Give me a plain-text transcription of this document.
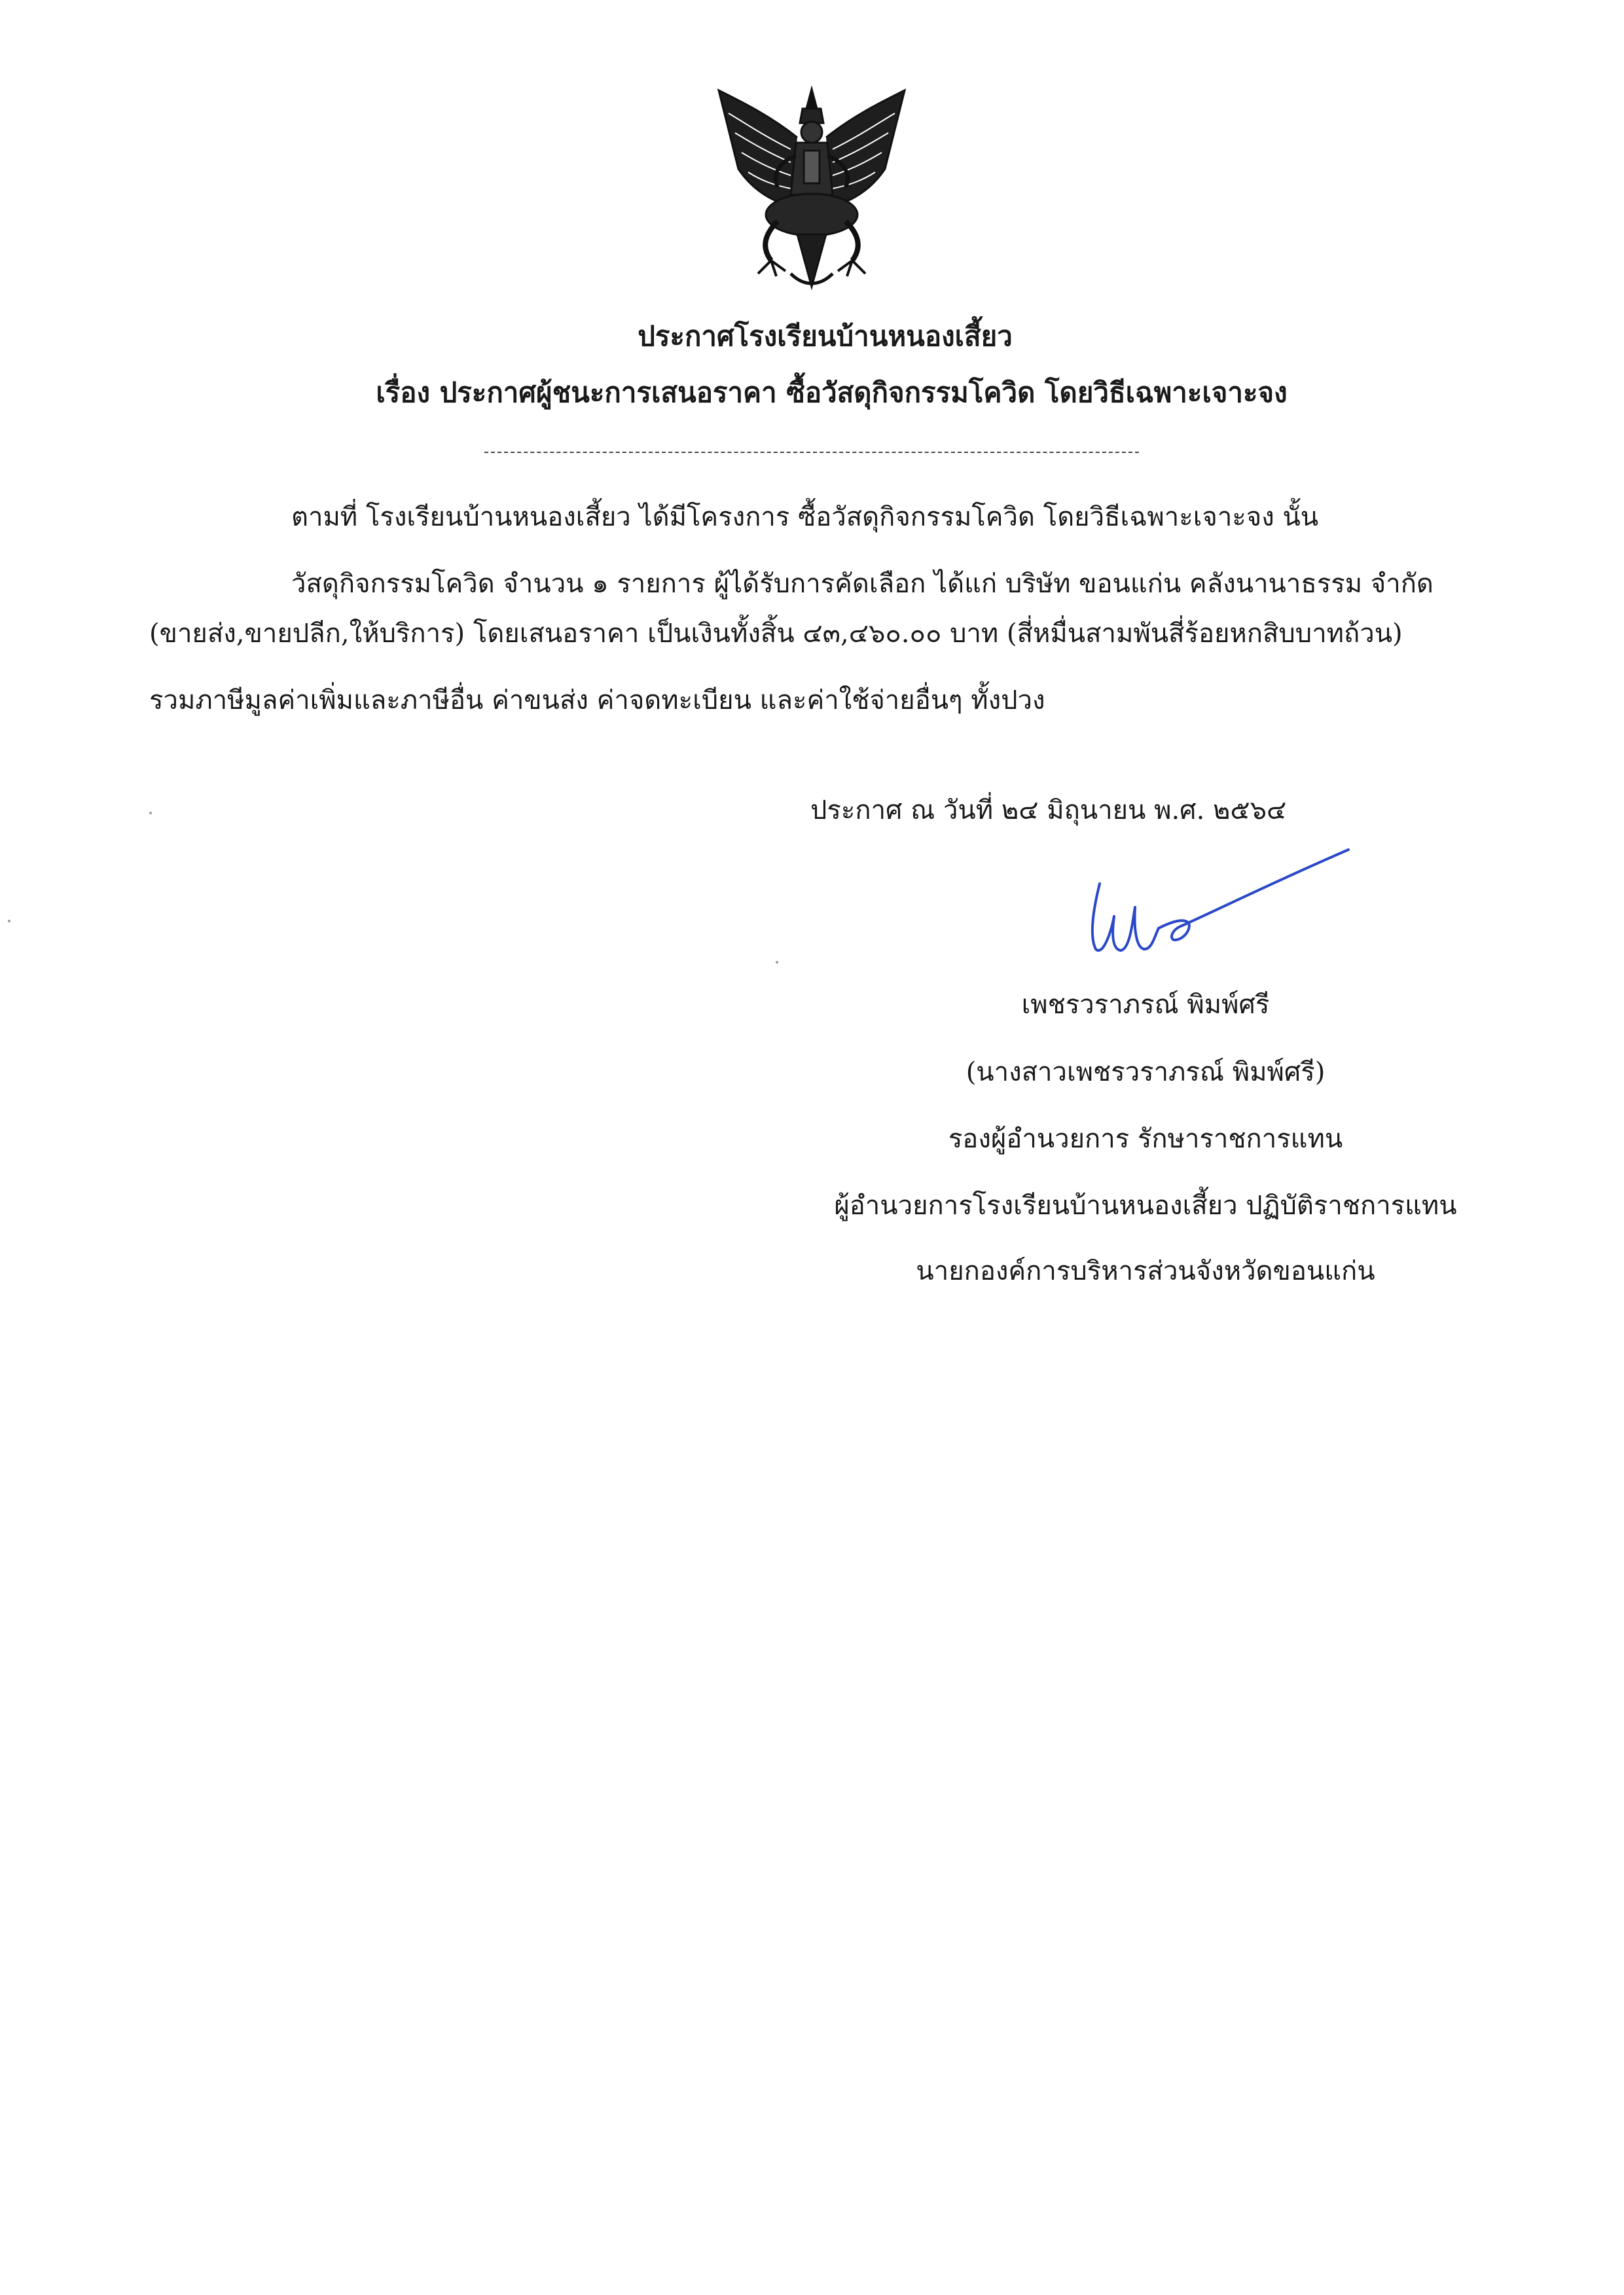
ประกาศโรงเรียนบ้านหนองเสี้ยว
เรื่อง ประกาศผู้ชนะการเสนอราคา ซื้อวัสดุกิจกรรมโควิด โดยวิธีเฉพาะเจาะจง
ตามที่ โรงเรียนบ้านหนองเสี้ยว ได้มีโครงการ ซื้อวัสดุกิจกรรมโควิด โดยวิธีเฉพาะเจาะจง นั้น
วัสดุกิจกรรมโควิด จำนวน ๑ รายการ ผู้ได้รับการคัดเลือก ได้แก่ บริษัท ขอนแก่น คลังนานาธรรม จำกัด
(ขายส่ง,ขายปลีก,ให้บริการ) โดยเสนอราคา เป็นเงินทั้งสิ้น ๔๓,๔๖๐.๐๐ บาท (สี่หมื่นสามพันสี่ร้อยหกสิบบาทถ้วน)
รวมภาษีมูลค่าเพิ่มและภาษีอื่น ค่าขนส่ง ค่าจดทะเบียน และค่าใช้จ่ายอื่นๆ ทั้งปวง
ประกาศ ณ วันที่ ๒๔ มิถุนายน พ.ศ. ๒๕๖๔
เพชรวราภรณ์ พิมพ์ศรี
(นางสาวเพชรวราภรณ์ พิมพ์ศรี)
รองผู้อำนวยการ รักษาราชการแทน
ผู้อำนวยการโรงเรียนบ้านหนองเสี้ยว ปฏิบัติราชการแทน
นายกองค์การบริหารส่วนจังหวัดขอนแก่น
